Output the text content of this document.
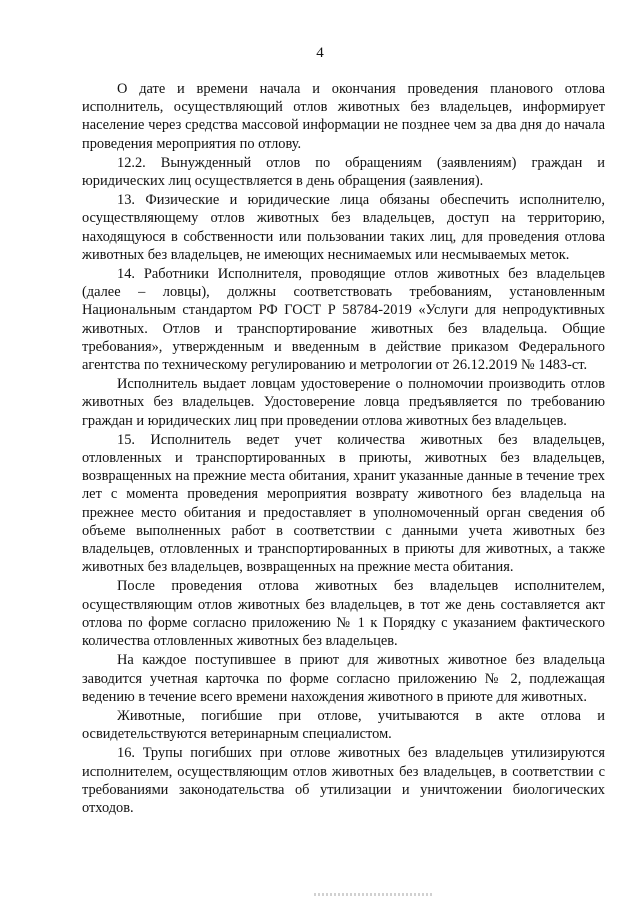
4

О дате и времени начала и окончания проведения планового отлова исполнитель, осуществляющий отлов животных без владельцев, информирует население через средства массовой информации не позднее чем за два дня до начала проведения мероприятия по отлову.

12.2. Вынужденный отлов по обращениям (заявлениям) граждан и юридических лиц осуществляется в день обращения (заявления).

13. Физические и юридические лица обязаны обеспечить исполнителю, осуществляющему отлов животных без владельцев, доступ на территорию, находящуюся в собственности или пользовании таких лиц, для проведения отлова животных без владельцев, не имеющих неснимаемых или несмываемых меток.

14. Работники Исполнителя, проводящие отлов животных без владельцев (далее – ловцы), должны соответствовать требованиям, установленным Национальным стандартом РФ ГОСТ Р 58784-2019 «Услуги для непродуктивных животных. Отлов и транспортирование животных без владельца. Общие требования», утвержденным и введенным в действие приказом Федерального агентства по техническому регулированию и метрологии от 26.12.2019 № 1483-ст.

Исполнитель выдает ловцам удостоверение о полномочии производить отлов животных без владельцев. Удостоверение ловца предъявляется по требованию граждан и юридических лиц при проведении отлова животных без владельцев.

15. Исполнитель ведет учет количества животных без владельцев, отловленных и транспортированных в приюты, животных без владельцев, возвращенных на прежние места обитания, хранит указанные данные в течение трех лет с момента проведения мероприятия возврату животного без владельца на прежнее место обитания и предоставляет в уполномоченный орган сведения об объеме выполненных работ в соответствии с данными учета животных без владельцев, отловленных и транспортированных в приюты для животных, а также животных без владельцев, возвращенных на прежние места обитания.

После проведения отлова животных без владельцев исполнителем, осуществляющим отлов животных без владельцев, в тот же день составляется акт отлова по форме согласно приложению № 1 к Порядку с указанием фактического количества отловленных животных без владельцев.

На каждое поступившее в приют для животных животное без владельца заводится учетная карточка по форме согласно приложению № 2, подлежащая ведению в течение всего времени нахождения животного в приюте для животных.

Животные, погибшие при отлове, учитываются в акте отлова и освидетельствуются ветеринарным специалистом.

16. Трупы погибших при отлове животных без владельцев утилизируются исполнителем, осуществляющим отлов животных без владельцев, в соответствии с требованиями законодательства об утилизации и уничтожении биологических отходов.
